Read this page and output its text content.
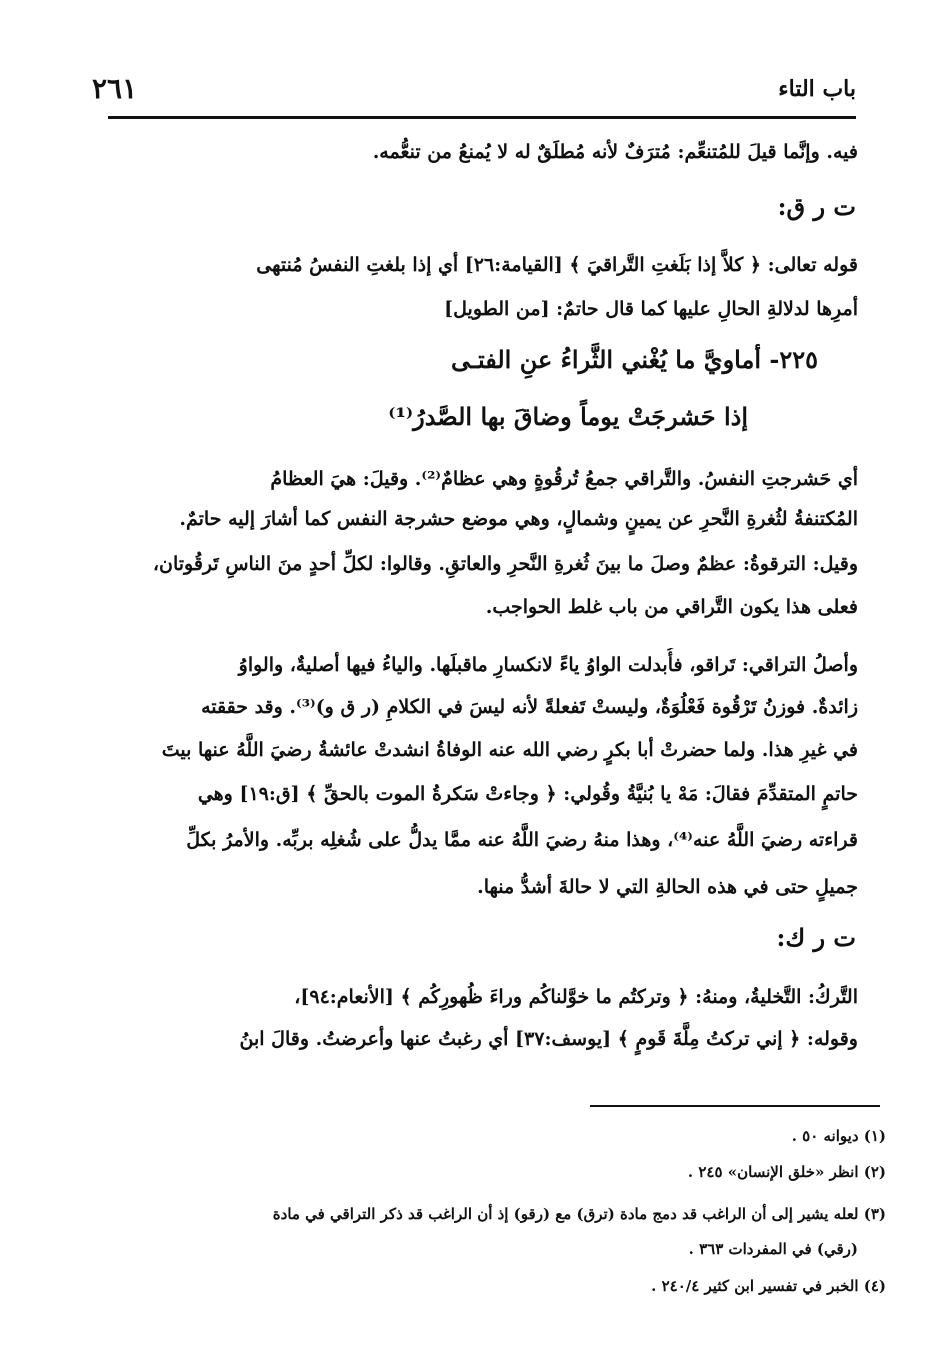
٢٦١	باب التاء
فيه. وإنَّما قيلَ للمُتنعِّم: مُترَفٌ لأنه مُطلَقٌ له لا يُمنعُ من تنعُّمه.
ت ر ق:
قوله تعالى: ﴿ كلاَّ إذا بَلَغتِ التَّراقيَ ﴾ [القيامة:٢٦] أي إذا بلغتِ النفسُ مُنتهى
أمرِها لدلالةِ الحالِ عليها كما قال حاتمٌ: [من الطويل]
٢٢٥- أماويَّ ما يُغْني الثَّراءُ عنِ الفتـى
إذا حَشرجَتْ يوماً وضاقَ بها الصَّدرُ⁽¹⁾
أي حَشرجتِ النفسُ. والتَّراقي جمعُ تُرقُوةٍ وهي عظامٌ⁽²⁾. وقيلَ: هيَ العظامُ
المُكتنفةُ لثُغرةِ النَّحرِ عن يمينٍ وشمالٍ، وهي موضع حشرجة النفس كما أشارَ إليه حاتمٌ.
وقيل: الترقوةُ: عظمٌ وصلَ ما بينَ ثُغرةِ النَّحرِ والعاتقِ. وقالوا: لكلِّ أحدٍ منَ الناسِ تَرقُوتان،
فعلى هذا يكون التَّراقي من باب غلط الحواجب.
وأصلُ التراقي: تَراقو، فأُبدلت الواوُ ياءً لانكسارِ ماقبلَها. والياءُ فيها أصليةٌ، والواوُ
زائدةٌ. فوزنُ تَرْقُوة فَعْلُوَةٌ، وليستْ تَفعلةً لأنه ليسَ في الكلامِ (ر ق و)⁽³⁾. وقد حققته
في غيرِ هذا. ولما حضرتْ أبا بكرٍ رضي الله عنه الوفاةُ انشدتْ عائشةُ رضيَ اللَّهُ عنها بيتَ
حاتمٍ المتقدِّمَ فقالَ: مَهْ يا بُنيَّةُ وقُولي: ﴿ وجاءتْ سَكرةُ الموت بالحقِّ ﴾ [ق:١٩] وهي
قراءته رضيَ اللَّهُ عنه⁽⁴⁾، وهذا منهُ رضيَ اللَّهُ عنه ممَّا يدلُّ على شُغلِه بربِّه. والأمرُ بكلِّ
جميلٍ حتى في هذه الحالةِ التي لا حالةَ أشدُّ منها.
ت ر ك:
التَّركُ: التَّخليةُ، ومنهُ: ﴿ وتركتُم ما خوَّلناكُم وراءَ ظُهورِكُم ﴾ [الأنعام:٩٤]،
وقوله: ﴿ إني تركتُ مِلَّةَ قَومٍ ﴾ [يوسف:٣٧] أي رغبتُ عنها وأعرضتُ. وقالَ ابنُ
(١) ديوانه ٥٠ .
(٢) انظر «خلق الإنسان» ٢٤٥ .
(٣) لعله يشير إلى أن الراغب قد دمج مادة (ترق) مع (رقو) إذ أن الراغب قد ذكر التراقي في مادة
(رقي) في المفردات ٣٦٣ .
(٤) الخبر في تفسير ابن كثير ٢٤٠/٤ .
